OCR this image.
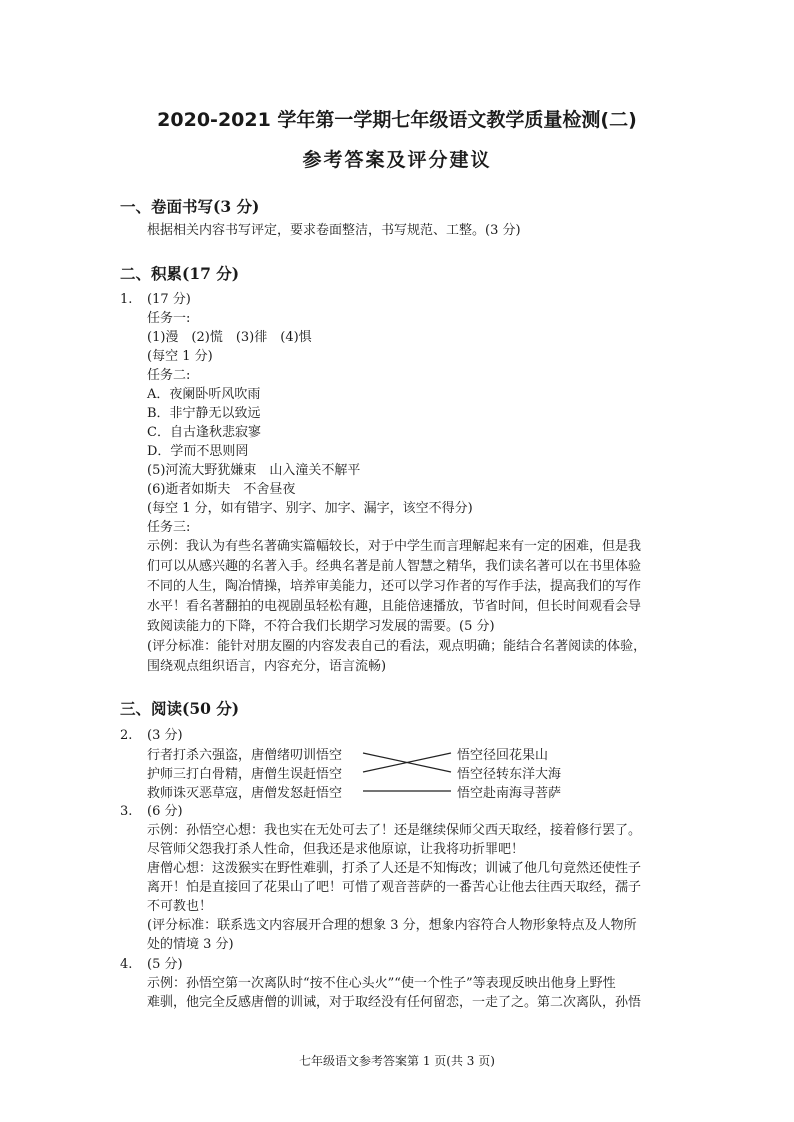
2020-2021 学年第一学期七年级语文教学质量检测(二)
参考答案及评分建议
一、卷面书写(3 分)
根据相关内容书写评定，要求卷面整洁，书写规范、工整。(3 分)
二、积累(17 分)
1. (17 分)
任务一:
(1)漫　(2)慌　(3)徘　(4)惧
(每空 1 分)
任务二:
A．夜阑卧听风吹雨
B．非宁静无以致远
C．自古逢秋悲寂寥
D．学而不思则罔
(5)河流大野犹嫌束　山入潼关不解平
(6)逝者如斯夫　不舍昼夜
(每空 1 分，如有错字、别字、加字、漏字，该空不得分)
任务三:
示例：我认为有些名著确实篇幅较长，对于中学生而言理解起来有一定的困难，但是我
们可以从感兴趣的名著入手。经典名著是前人智慧之精华，我们读名著可以在书里体验
不同的人生，陶冶情操，培养审美能力，还可以学习作者的写作手法，提高我们的写作
水平！看名著翻拍的电视剧虽轻松有趣，且能倍速播放，节省时间，但长时间观看会导
致阅读能力的下降，不符合我们长期学习发展的需要。(5 分)
(评分标准：能针对朋友圈的内容发表自己的看法，观点明确；能结合名著阅读的体验，
围绕观点组织语言，内容充分，语言流畅)
三、阅读(50 分)
2. (3 分)
行者打杀六强盗，唐僧绪叨训悟空
护师三打白骨精，唐僧生误赶悟空
救师诛灭恶草寇，唐僧发怒赶悟空
悟空径回花果山
悟空径转东洋大海
悟空赴南海寻菩萨
3. (6 分)
示例：孙悟空心想：我也实在无处可去了！还是继续保师父西天取经，接着修行罢了。
尽管师父怨我打杀人性命，但我还是求他原谅，让我将功折罪吧！
唐僧心想：这泼猴实在野性难驯，打杀了人还是不知悔改；训诫了他几句竟然还使性子
离开！怕是直接回了花果山了吧！可惜了观音菩萨的一番苦心让他去往西天取经，孺子
不可教也！
(评分标准：联系选文内容展开合理的想象 3 分，想象内容符合人物形象特点及人物所
处的情境 3 分)
4. (5 分)
示例：孙悟空第一次离队时“按不住心头火”“使一个性子”等表现反映出他身上野性
难驯，他完全反感唐僧的训诫，对于取经没有任何留恋，一走了之。第二次离队，孙悟
七年级语文参考答案第 1 页(共 3 页)
